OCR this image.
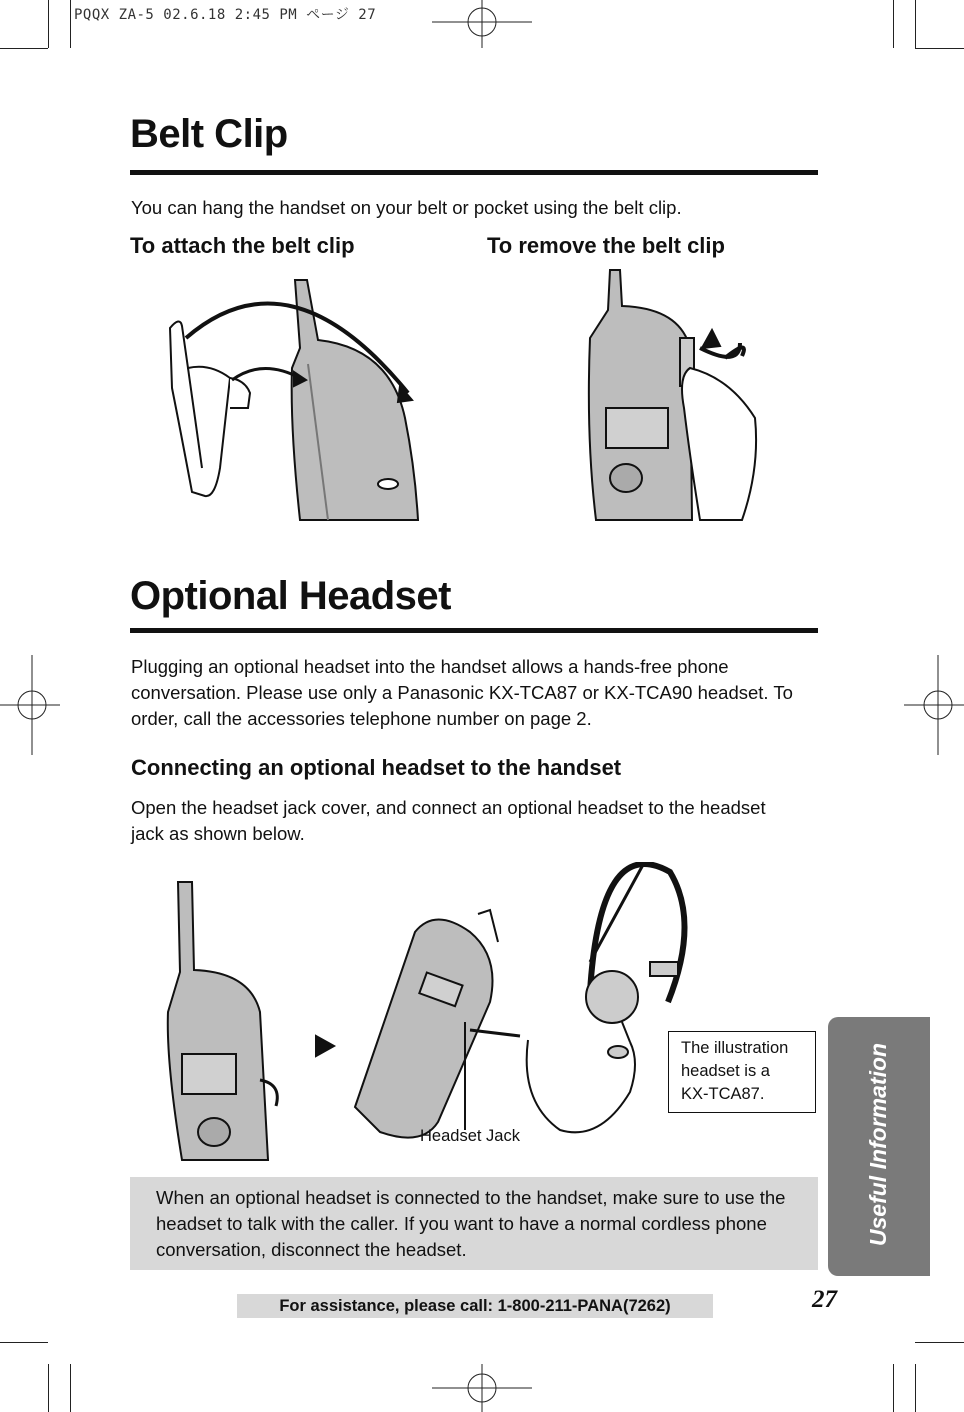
PQQX ZA-5 02.6.18 2:45 PM ページ 27
Belt Clip
You can hang the handset on your belt or pocket using the belt clip.
To attach the belt clip	To remove the belt clip
Optional Headset
Plugging an optional headset into the handset allows a hands-free phone conversation. Please use only a Panasonic KX-TCA87 or KX-TCA90 headset. To order, call the accessories telephone number on page 2.
Connecting an optional headset to the handset
Open the headset jack cover, and connect an optional headset to the headset jack as shown below.
Headset Jack

The illustration
headset is a
KX-TCA87.

When an optional headset is connected to the handset, make sure to use the headset to talk with the caller. If you want to have a normal cordless phone conversation, disconnect the headset.

Useful Information
For assistance, please call: 1-800-211-PANA(7262)	27
